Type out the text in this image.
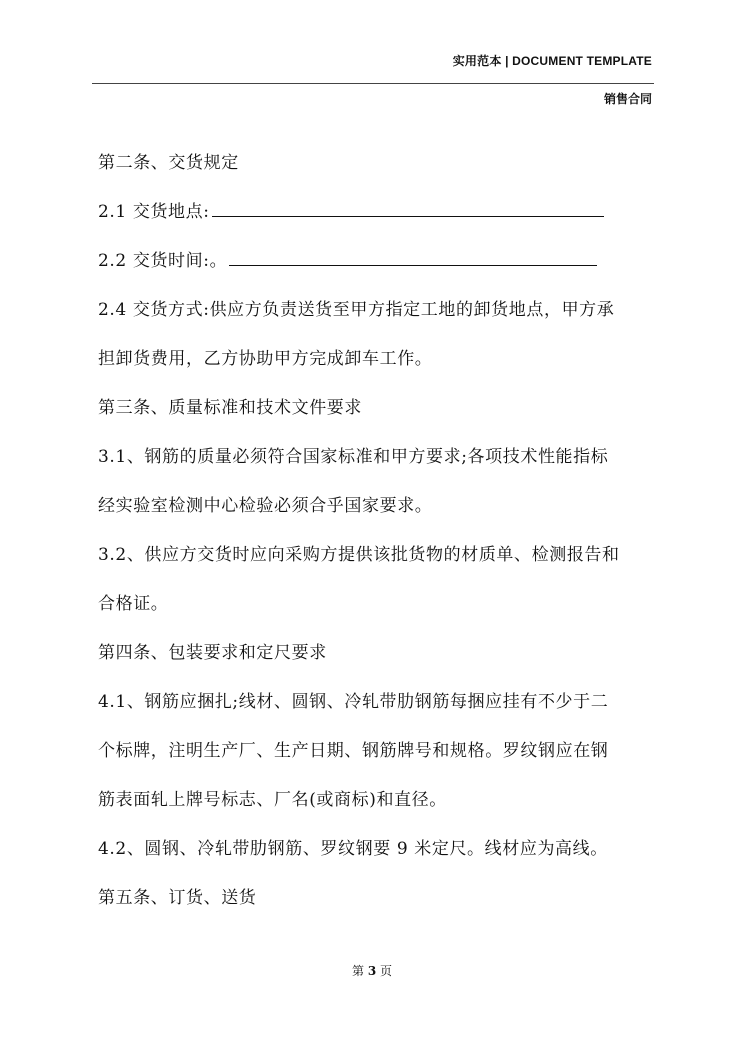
实用范本 | DOCUMENT TEMPLATE
销售合同

第二条、交货规定

2.1 交货地点:

2.2 交货时间:。

2.4 交货方式:供应方负责送货至甲方指定工地的卸货地点，甲方承

担卸货费用，乙方协助甲方完成卸车工作。

第三条、质量标准和技术文件要求

3.1、钢筋的质量必须符合国家标准和甲方要求;各项技术性能指标

经实验室检测中心检验必须合乎国家要求。

3.2、供应方交货时应向采购方提供该批货物的材质单、检测报告和

合格证。

第四条、包装要求和定尺要求

4.1、钢筋应捆扎;线材、圆钢、冷轧带肋钢筋每捆应挂有不少于二

个标牌，注明生产厂、生产日期、钢筋牌号和规格。罗纹钢应在钢

筋表面轧上牌号标志、厂名(或商标)和直径。

4.2、圆钢、冷轧带肋钢筋、罗纹钢要 9 米定尺。线材应为高线。

第五条、订货、送货

第 3 页
